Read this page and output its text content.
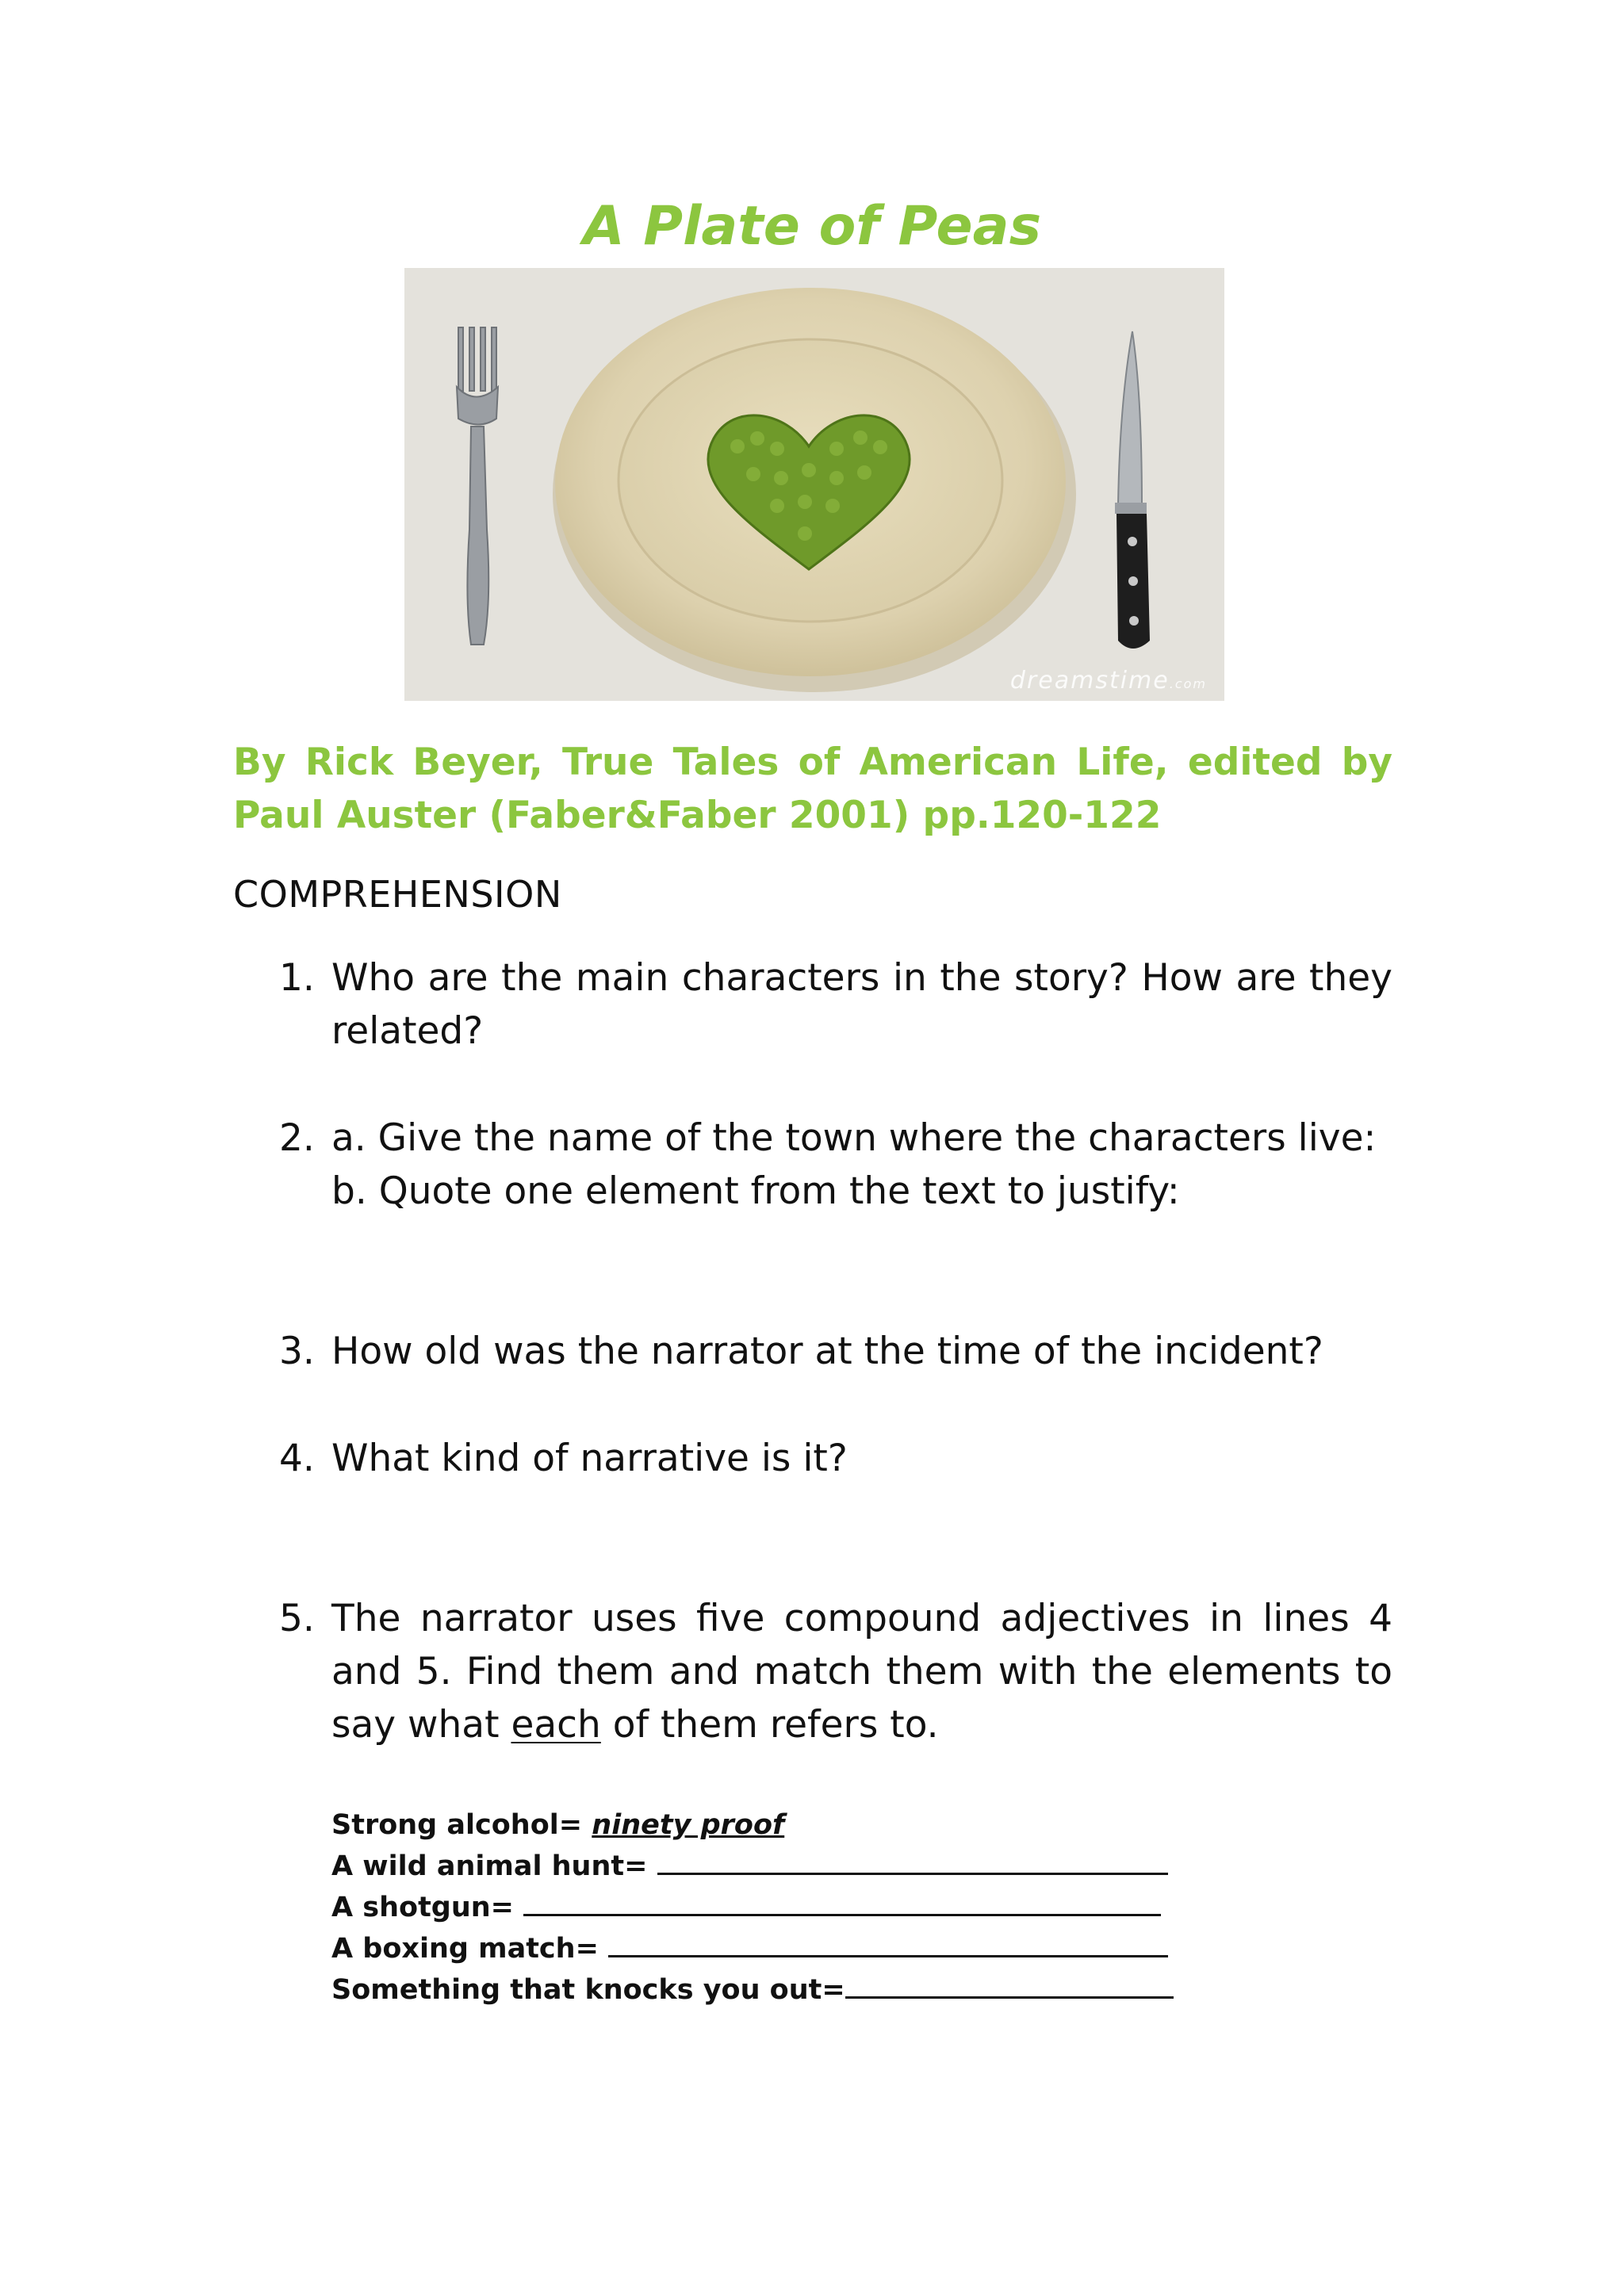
A Plate of Peas
dreamstime.com
By Rick Beyer, True Tales of American Life, edited by Paul Auster (Faber&Faber 2001) pp.120-122
COMPREHENSION
1. Who are the main characters in the story? How are they related?
2. a. Give the name of the town where the characters live:
b. Quote one element from the text to justify:
3. How old was the narrator at the time of the incident?
4. What kind of narrative is it?
5. The narrator uses five compound adjectives in lines 4 and 5. Find them and match them with the elements to say what each of them refers to.
Strong alcohol= ninety proof
A wild animal hunt=
A shotgun=
A boxing match=
Something that knocks you out=
